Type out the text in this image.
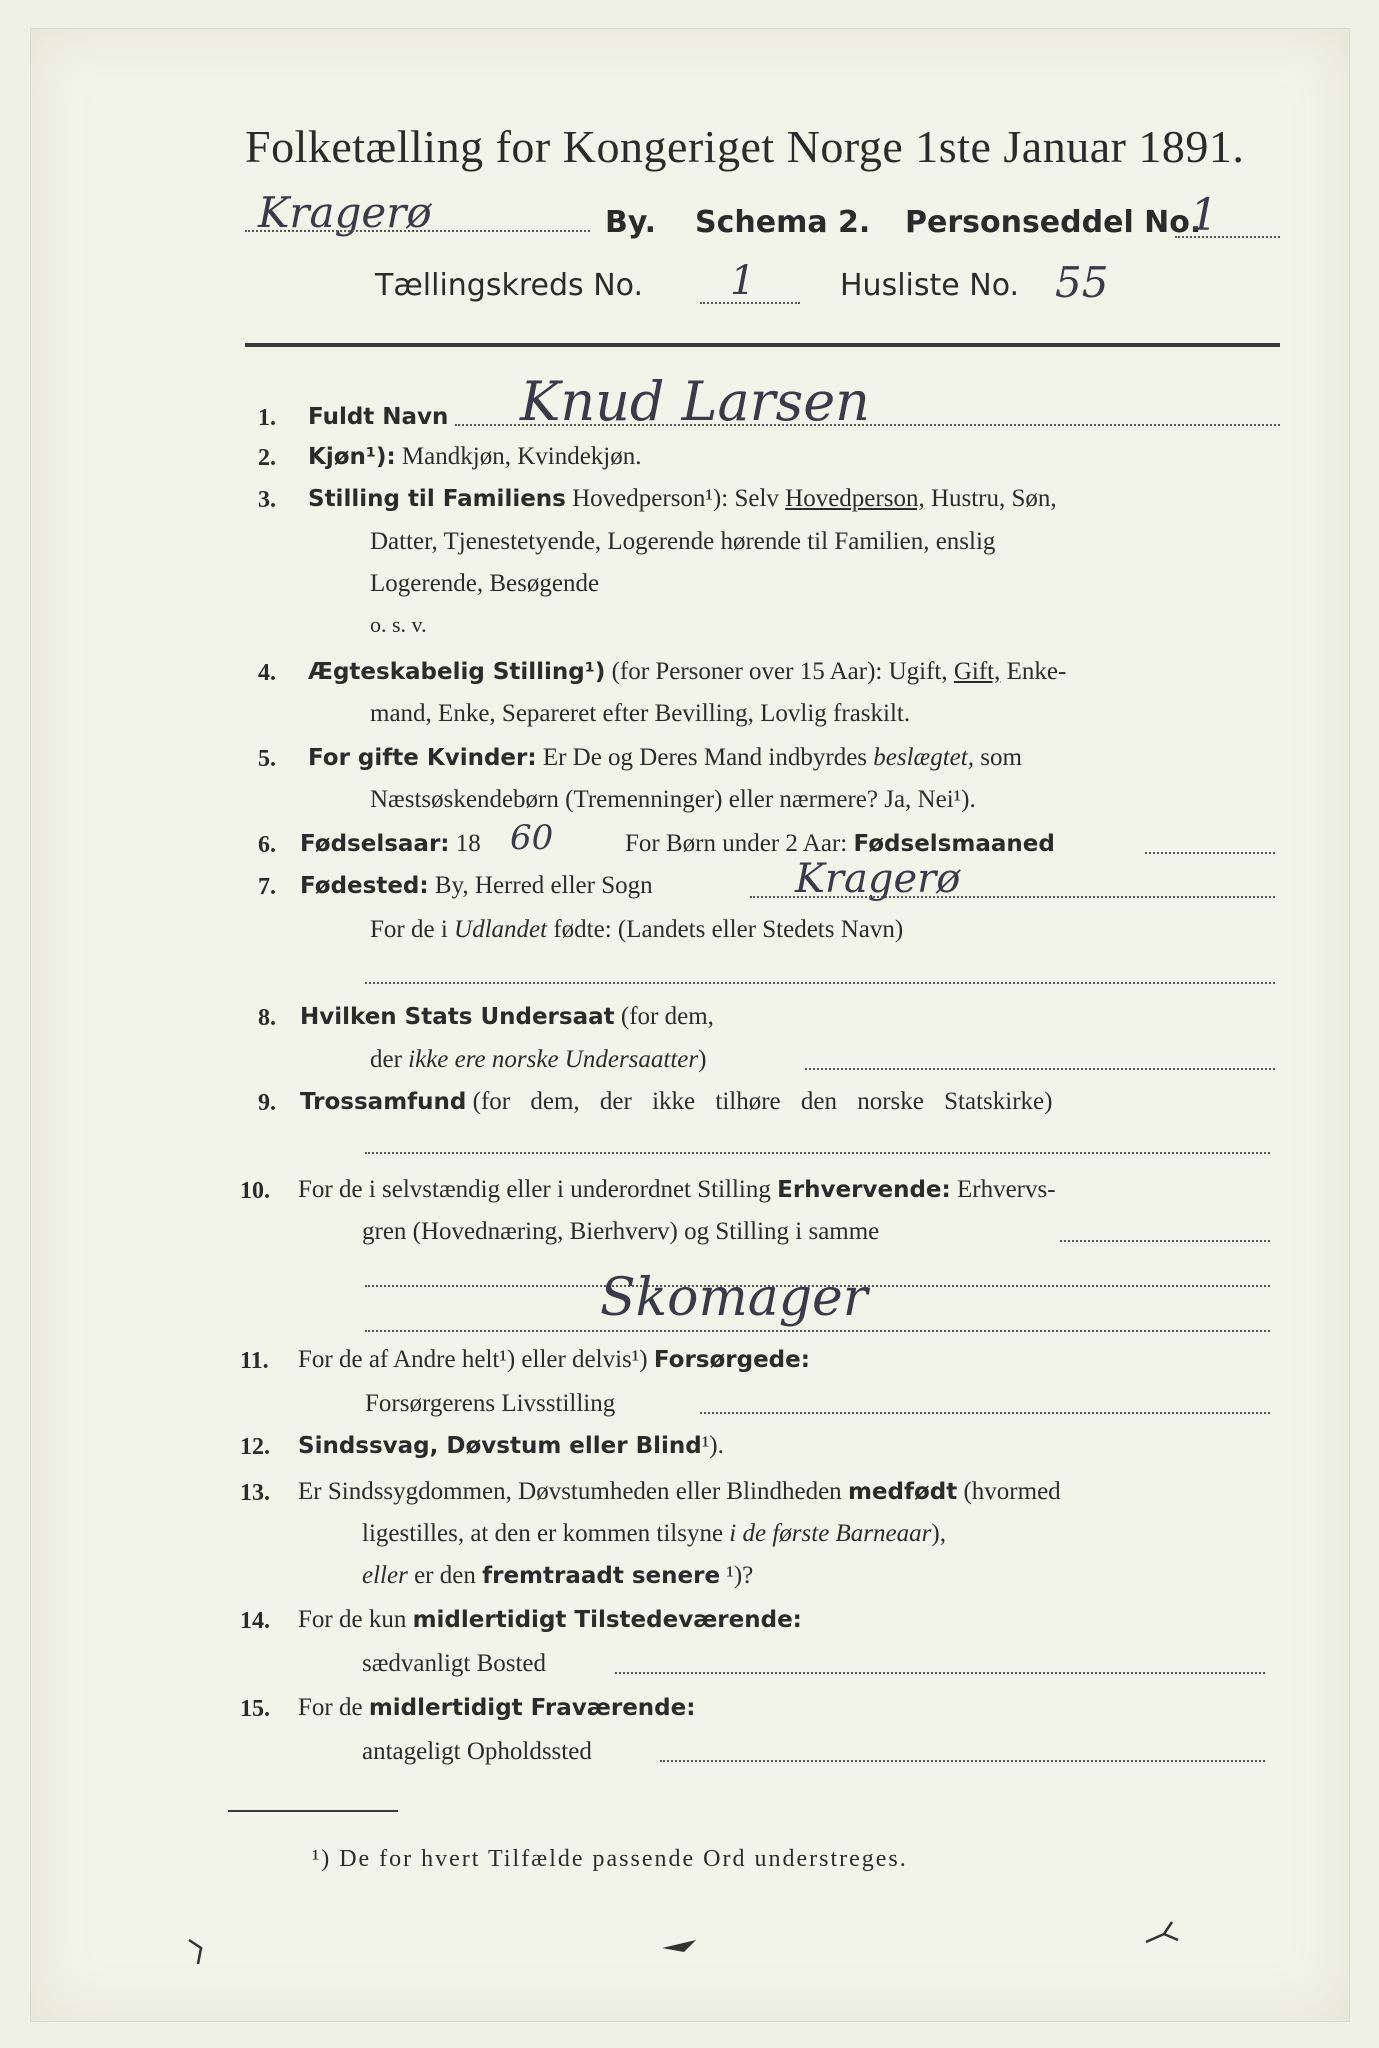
Folketælling for Kongeriget Norge 1ste Januar 1891.
Kragerø	By. Schema 2. Personseddel No.
1
Tællingskreds No. 1	Husliste No. 55
1. Fuldt Navn Knud Larsen
2. Kjøn¹): Mandkjøn, Kvindekjøn.
3. Stilling til Familiens Hovedperson¹): Selv Hovedperson, Hustru, Søn,
Datter, Tjenestetyende, Logerende hørende til Familien, enslig
Logerende, Besøgende
o. s. v.
4. Ægteskabelig Stilling¹) (for Personer over 15 Aar): Ugift, Gift, Enke-
mand, Enke, Separeret efter Bevilling, Lovlig fraskilt.
5. For gifte Kvinder: Er De og Deres Mand indbyrdes beslægtet, som
Næstsøskendebørn (Tremenninger) eller nærmere? Ja, Nei¹).
6. Fødselsaar: 18 60	For Børn under 2 Aar: Fødselsmaaned
7. Fødested: By, Herred eller Sogn	Kragerø
For de i Udlandet fødte: (Landets eller Stedets Navn)
8. Hvilken Stats Undersaat (for dem,
der ikke ere norske Undersaatter)
9. Trossamfund (for dem, der ikke tilhøre den norske Statskirke)
10. For de i selvstændig eller i underordnet Stilling Erhvervende: Erhvervs-
gren (Hovednæring, Bierhverv) og Stilling i samme
Skomager
11. For de af Andre helt¹) eller delvis¹) Forsørgede:
Forsørgerens Livsstilling
12. Sindssvag, Døvstum eller Blind¹).
13. Er Sindssygdommen, Døvstumheden eller Blindheden medfødt (hvormed
ligestilles, at den er kommen tilsyne i de første Barneaar),
eller er den fremtraadt senere ¹)?
14. For de kun midlertidigt Tilstedeværende:
sædvanligt Bosted
15. For de midlertidigt Fraværende:
antageligt Opholdssted
¹) De for hvert Tilfælde passende Ord understreges.
